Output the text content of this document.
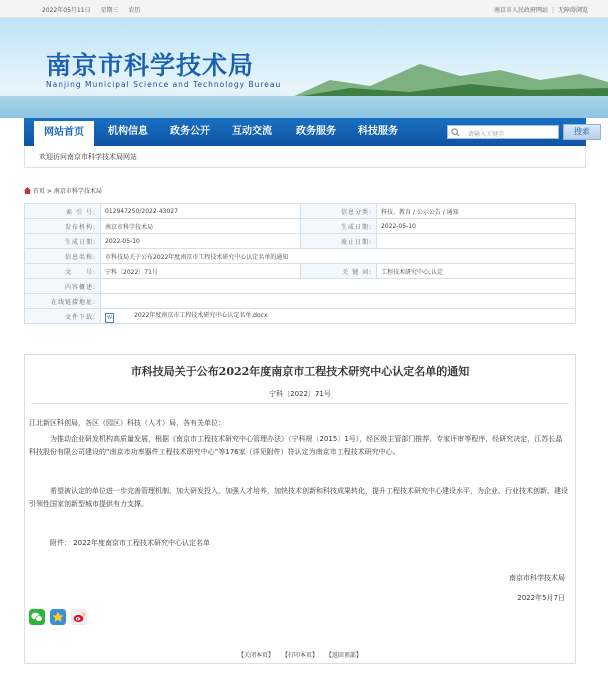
2022年05月11日 星期三 农历	南京市人民政府网站 | 无障碍浏览
南京市科学技术局
Nanjing Municipal Science and Technology Bureau
网站首页	机构信息	政务公开	互动交流	政务服务	科技服务	请输入关键字	搜索
欢迎访问南京市科学技术局网站
首页 > 南京市科学技术局
索 引 号:	012947250/2022-43027	信息分类:	科技、教育 / 公示公告 / 通知
发布机构:	南京市科学技术局	生成日期:	2022-05-10
生成日期:	2022-05-10	废止日期:	
信息名称:	市科技局关于公布2022年度南京市工程技术研究中心认定名单的通知		
文　　号:	宁科〔2022〕71号	关 键 词:	工程技术研究中心;认定
内容概述:			
在线链接地址:			
文件下载:	W 2022年度南京市工程技术研究中心认定名单.docx		
市科技局关于公布2022年度南京市工程技术研究中心认定名单的通知
宁科〔2022〕71号
江北新区科创局，各区（园区）科技（人才）局，各有关单位：
为推动企业研发机构高质量发展，根据《南京市工程技术研究中心管理办法》（宁科规〔2015〕1号），经区级主管部门推荐、专家评审等程序，经研究决定，江苏长晶科技股份有限公司建设的“南京市功率器件工程技术研究中心”等176家（详见附件）符认定为南京市工程技术研究中心。
希望被认定的单位进一步完善管理机制，加大研发投入，加强人才培养，加快技术创新和科技成果转化，提升工程技术研究中心建设水平，为企业、行业技术创新、建设引领性国家创新型城市提供有力支撑。
附件： 2022年度南京市工程技术研究中心认定名单
南京市科学技术局
2022年5月7日
【关闭本页】 【打印本页】 【返回顶部】
